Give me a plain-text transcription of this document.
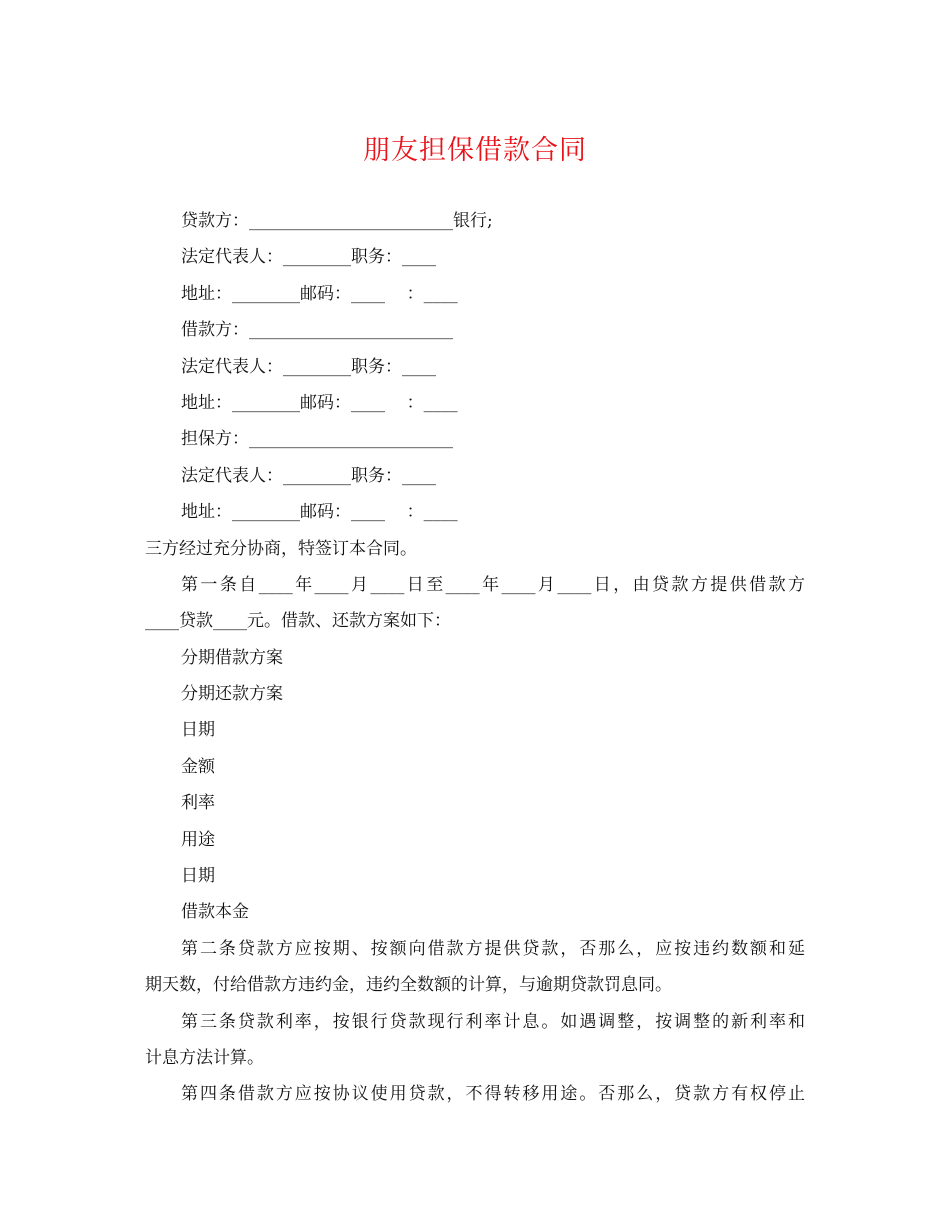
朋友担保借款合同
贷款方：________________________银行;
法定代表人：________职务：____
地址：________邮码：____    ：____
借款方：________________________
法定代表人：________职务：____
地址：________邮码：____    ：____
担保方：________________________
法定代表人：________职务：____
地址：________邮码：____    ：____
三方经过充分协商，特签订本合同。
第一条自____年____月____日至____年____月____日，由贷款方提供借款方
____贷款____元。借款、还款方案如下：
分期借款方案
分期还款方案
日期
金额
利率
用途
日期
借款本金
第二条贷款方应按期、按额向借款方提供贷款，否那么，应按违约数额和延
期天数，付给借款方违约金，违约全数额的计算，与逾期贷款罚息同。
第三条贷款利率，按银行贷款现行利率计息。如遇调整，按调整的新利率和
计息方法计算。
第四条借款方应按协议使用贷款，不得转移用途。否那么，贷款方有权停止
